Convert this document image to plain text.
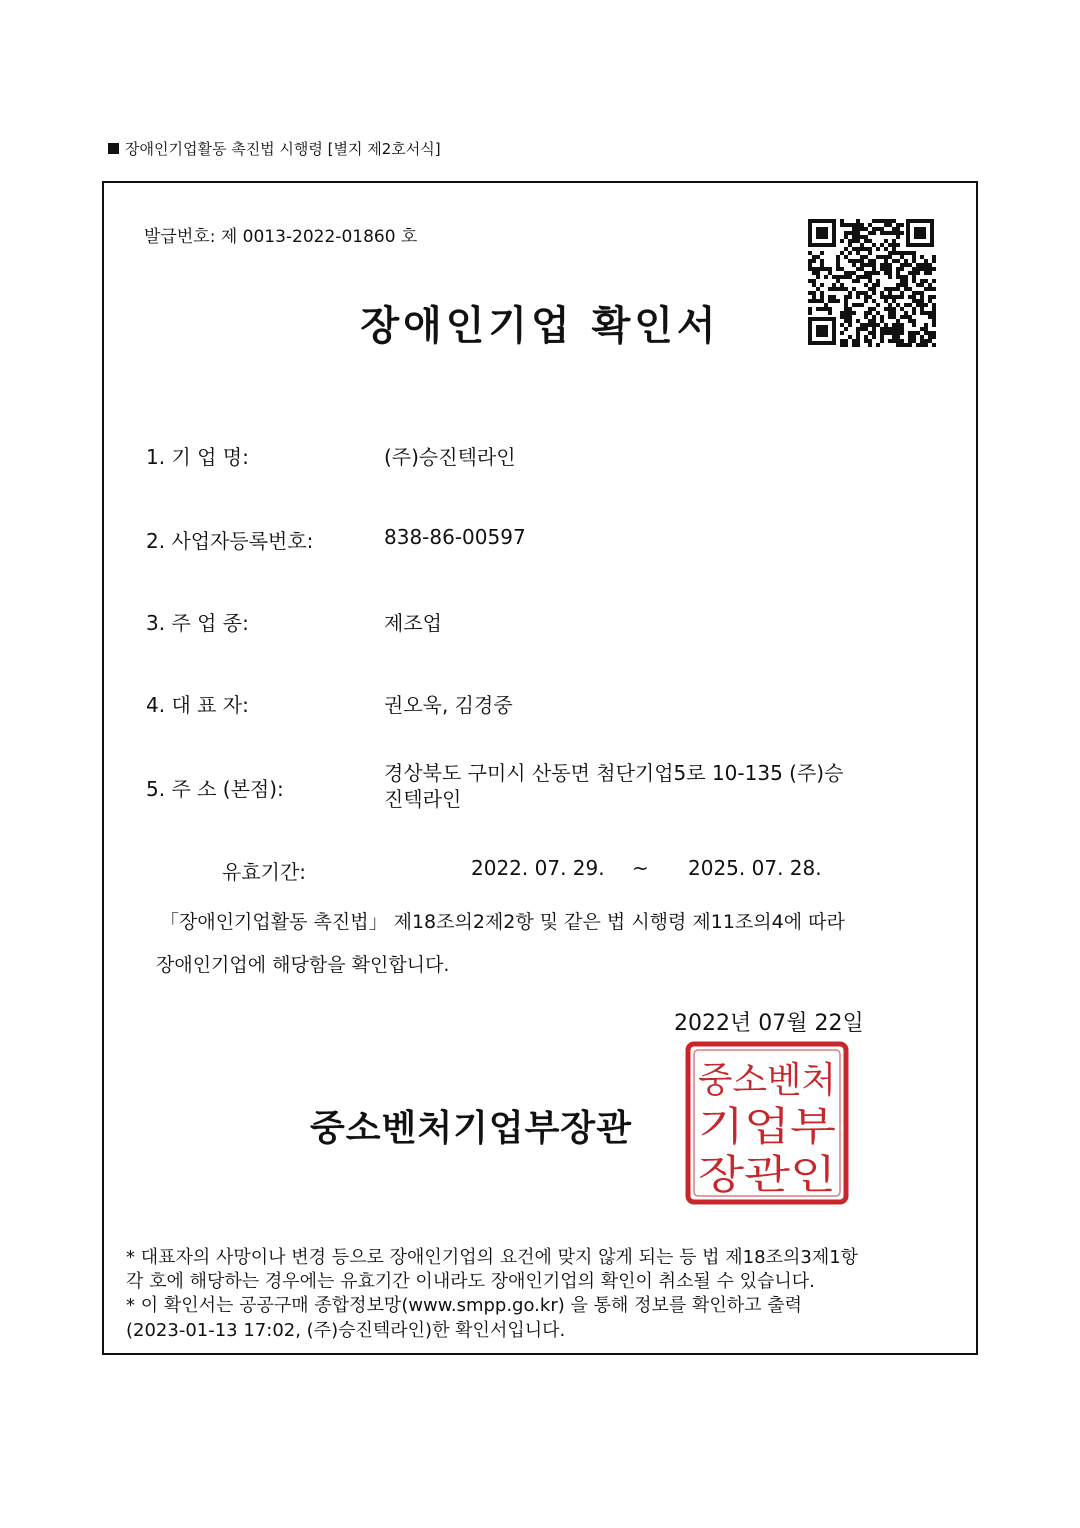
장애인기업활동 촉진법 시행령 [별지 제2호서식]
발급번호: 제 0013-2022-01860 호
장애인기업 확인서
1. 기 업 명:	(주)승진텍라인
2. 사업자등록번호:	838-86-00597
3. 주 업 종:	제조업
4. 대 표 자:	권오욱, 김경중
5. 주 소 (본점):
경상북도 구미시 산동면 첨단기업5로 10-135 (주)승
진텍라인
유효기간:	2022. 07. 29. ~ 2025. 07. 28.
「장애인기업활동 촉진법」 제18조의2제2항 및 같은 법 시행령 제11조의4에 따라
장애인기업에 해당함을 확인합니다.
2022년 07월 22일
중소벤처기업부장관
중소벤처
기업부
장관인
* 대표자의 사망이나 변경 등으로 장애인기업의 요건에 맞지 않게 되는 등 법 제18조의3제1항
각 호에 해당하는 경우에는 유효기간 이내라도 장애인기업의 확인이 취소될 수 있습니다.
* 이 확인서는 공공구매 종합정보망(www.smpp.go.kr) 을 통해 정보를 확인하고 출력
(2023-01-13 17:02, (주)승진텍라인)한 확인서입니다.
